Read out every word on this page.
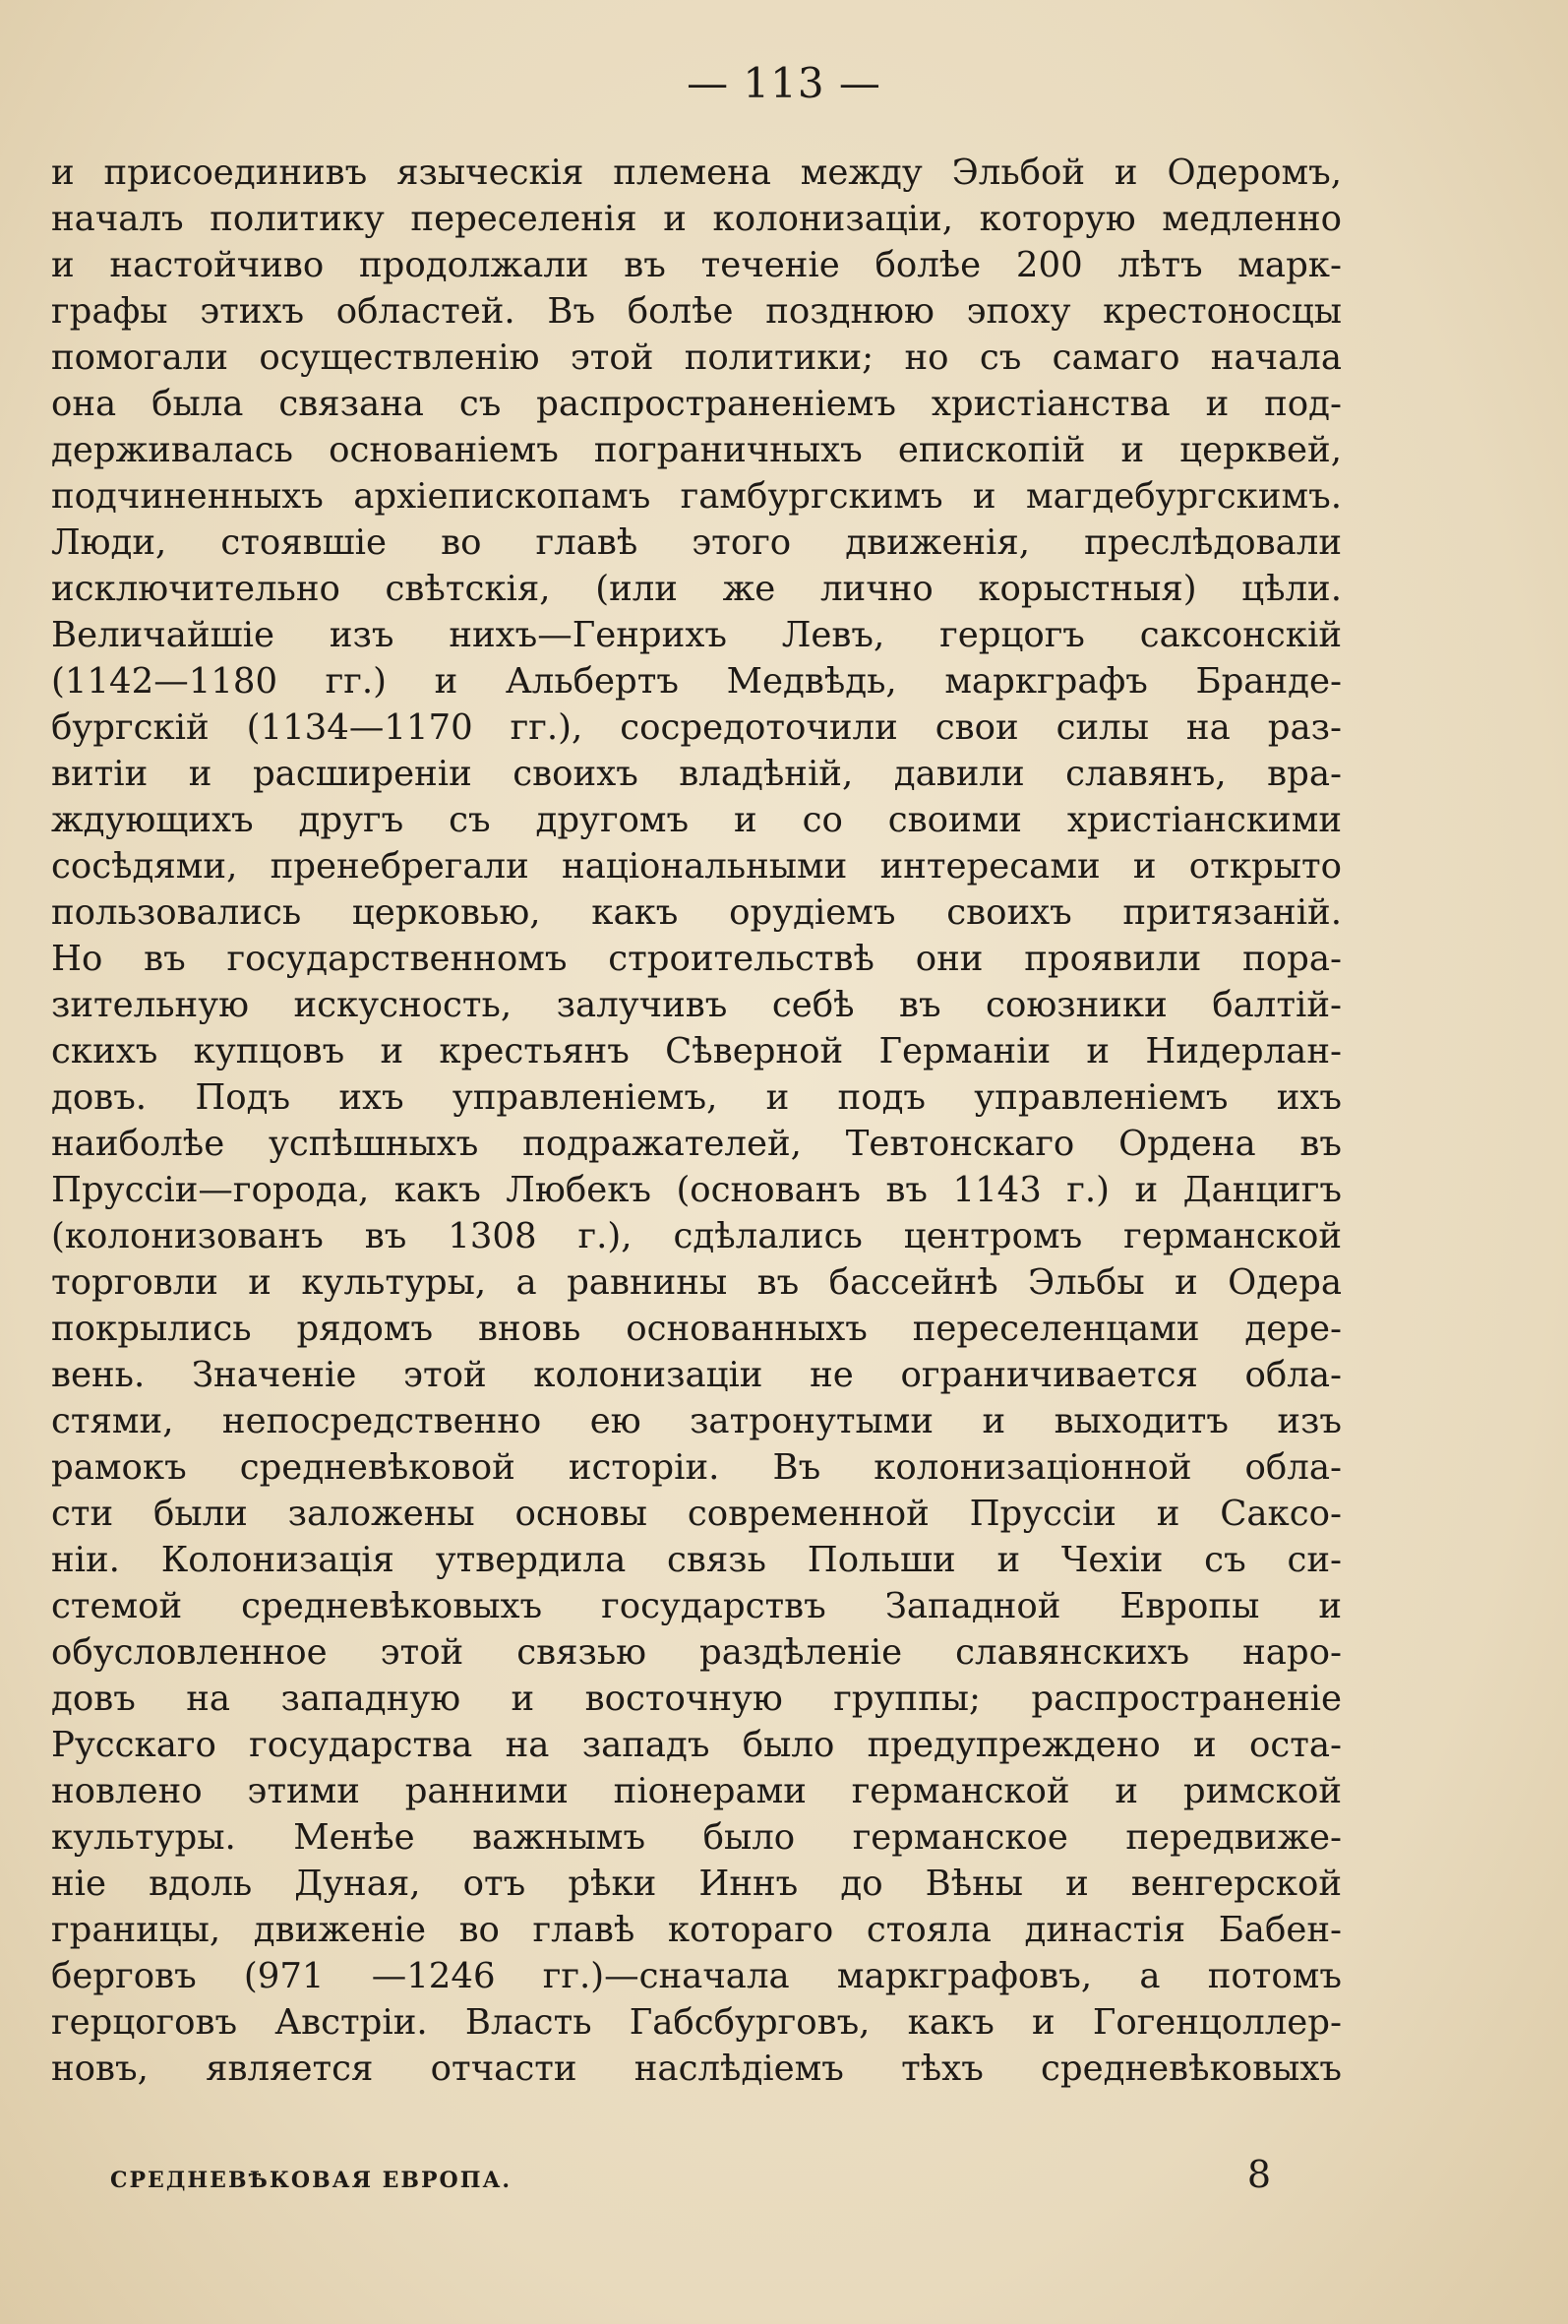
— 113 —
и присоединивъ языческія племена между Эльбой и Одеромъ,
началъ политику переселенія и колонизаціи, которую медленно
и настойчиво продолжали въ теченіе болѣе 200 лѣтъ марк-
графы этихъ областей. Въ болѣе позднюю эпоху крестоносцы
помогали осуществленію этой политики; но съ самаго начала
она была связана съ распространеніемъ христіанства и под-
держивалась основаніемъ пограничныхъ епископій и церквей,
подчиненныхъ архіепископамъ гамбургскимъ и магдебургскимъ.
Люди, стоявшіе во главѣ этого движенія, преслѣдовали
исключительно свѣтскія, (или же лично корыстныя) цѣли.
Величайшіе изъ нихъ—Генрихъ Левъ, герцогъ саксонскій
(1142—1180 гг.) и Альбертъ Медвѣдь, маркграфъ Бранде-
бургскій (1134—1170 гг.), сосредоточили свои силы на раз-
витіи и расширеніи своихъ владѣній, давили славянъ, вра-
ждующихъ другъ съ другомъ и со своими христіанскими
сосѣдями, пренебрегали національными интересами и открыто
пользовались церковью, какъ орудіемъ своихъ притязаній.
Но въ государственномъ строительствѣ они проявили пора-
зительную искусность, залучивъ себѣ въ союзники балтій-
скихъ купцовъ и крестьянъ Сѣверной Германіи и Нидерлан-
довъ. Подъ ихъ управленіемъ, и подъ управленіемъ ихъ
наиболѣе успѣшныхъ подражателей, Тевтонскаго Ордена въ
Пруссіи—города, какъ Любекъ (основанъ въ 1143 г.) и Данцигъ
(колонизованъ въ 1308 г.), сдѣлались центромъ германской
торговли и культуры, а равнины въ бассейнѣ Эльбы и Одера
покрылись рядомъ вновь основанныхъ переселенцами дере-
вень. Значеніе этой колонизаціи не ограничивается обла-
стями, непосредственно ею затронутыми и выходитъ изъ
рамокъ средневѣковой исторіи. Въ колонизаціонной обла-
сти были заложены основы современной Пруссіи и Саксо-
ніи. Колонизація утвердила связь Польши и Чехіи съ си-
стемой средневѣковыхъ государствъ Западной Европы и
обусловленное этой связью раздѣленіе славянскихъ наро-
довъ на западную и восточную группы; распространеніе
Русскаго государства на западъ было предупреждено и оста-
новлено этими ранними піонерами германской и римской
культуры. Менѣе важнымъ было германское передвиже-
ніе вдоль Дуная, отъ рѣки Иннъ до Вѣны и венгерской
границы, движеніе во главѣ котораго стояла династія Бабен-
берговъ (971 —1246 гг.)—сначала маркграфовъ, а потомъ
герцоговъ Австріи. Власть Габсбурговъ, какъ и Гогенцоллер-
новъ, является отчасти наслѣдіемъ тѣхъ средневѣковыхъ
СРЕДНЕВѢКОВАЯ ЕВРОПА.	8
